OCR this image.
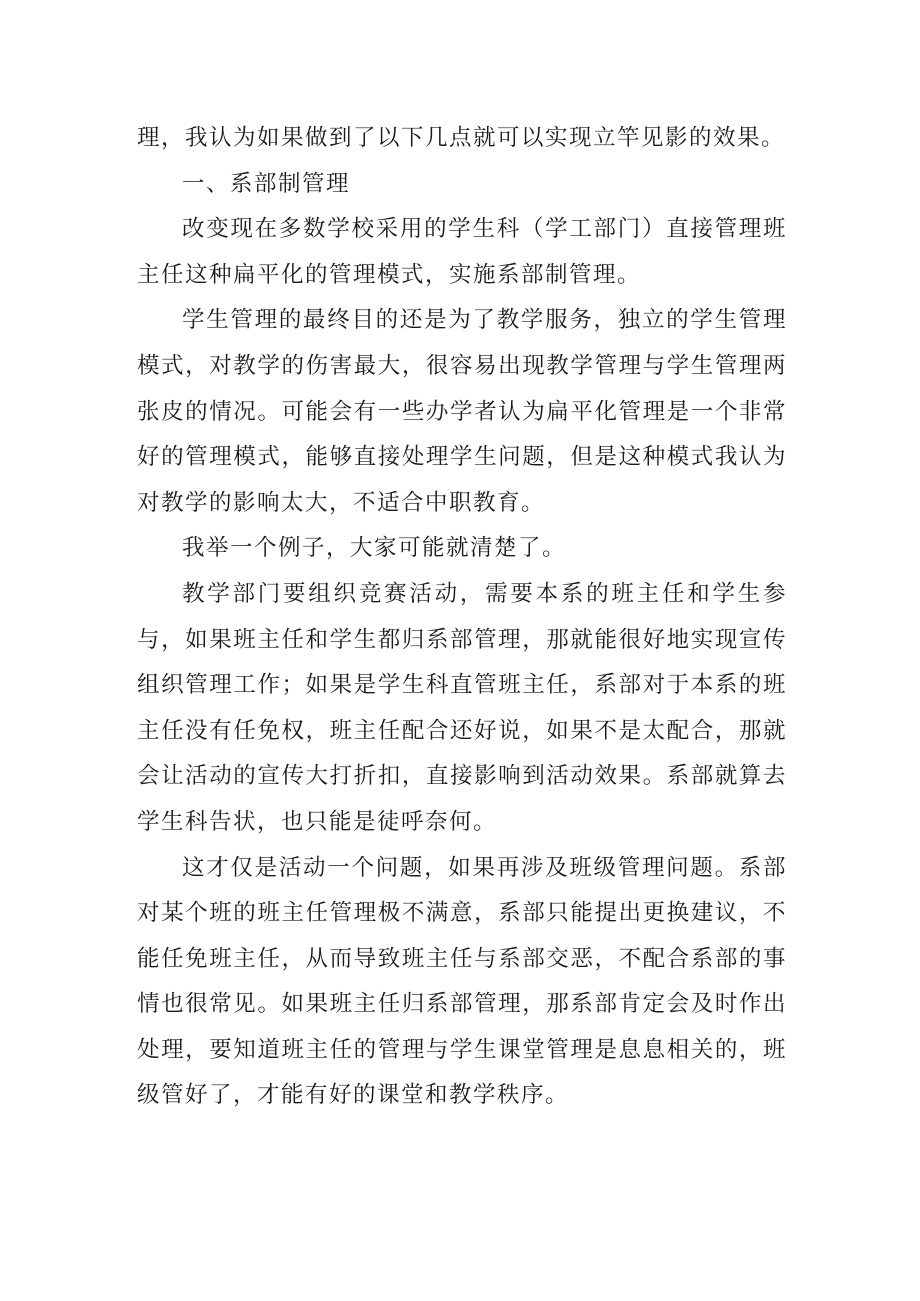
理，我认为如果做到了以下几点就可以实现立竿见影的效果。

一、系部制管理

改变现在多数学校采用的学生科（学工部门）直接管理班主任这种扁平化的管理模式，实施系部制管理。

学生管理的最终目的还是为了教学服务，独立的学生管理模式，对教学的伤害最大，很容易出现教学管理与学生管理两张皮的情况。可能会有一些办学者认为扁平化管理是一个非常好的管理模式，能够直接处理学生问题，但是这种模式我认为对教学的影响太大，不适合中职教育。

我举一个例子，大家可能就清楚了。

教学部门要组织竞赛活动，需要本系的班主任和学生参与，如果班主任和学生都归系部管理，那就能很好地实现宣传组织管理工作；如果是学生科直管班主任，系部对于本系的班主任没有任免权，班主任配合还好说，如果不是太配合，那就会让活动的宣传大打折扣，直接影响到活动效果。系部就算去学生科告状，也只能是徒呼奈何。

这才仅是活动一个问题，如果再涉及班级管理问题。系部对某个班的班主任管理极不满意，系部只能提出更换建议，不能任免班主任，从而导致班主任与系部交恶，不配合系部的事情也很常见。如果班主任归系部管理，那系部肯定会及时作出处理，要知道班主任的管理与学生课堂管理是息息相关的，班级管好了，才能有好的课堂和教学秩序。
